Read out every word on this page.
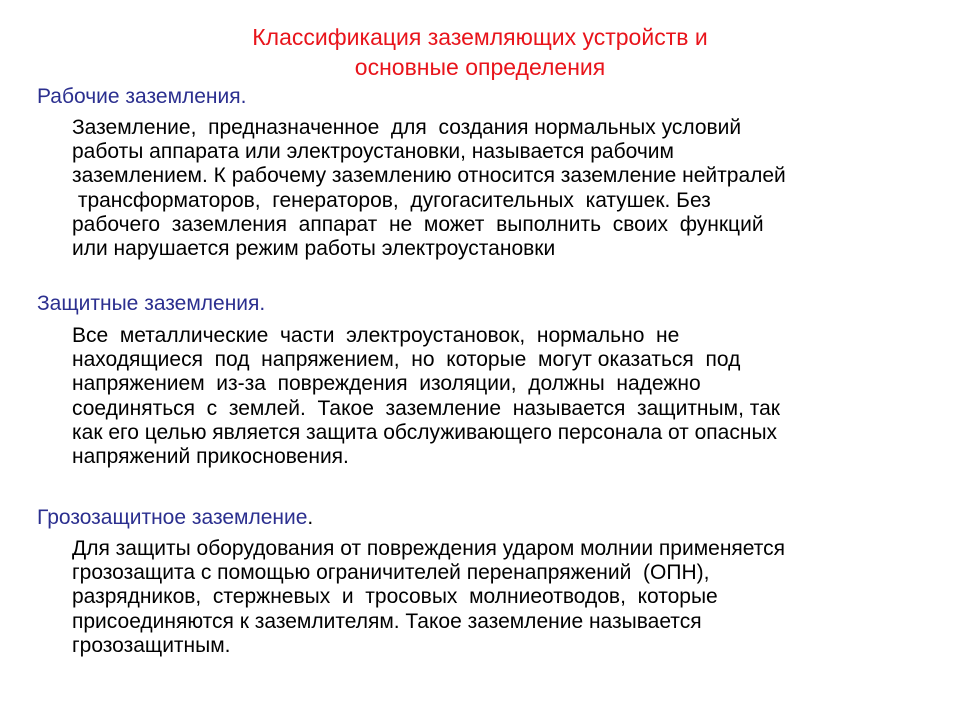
Классификация заземляющих устройств и
основные определения
Рабочие заземления.
Заземление,  предназначенное  для  создания нормальных условий
работы аппарата или электроустановки, называется рабочим
заземлением. К рабочему заземлению относится заземление нейтралей
трансформаторов,  генераторов,  дугогасительных  катушек. Без
рабочего  заземления  аппарат  не  может  выполнить  своих  функций
или нарушается режим работы электроустановки
Защитные заземления.
Все  металлические  части  электроустановок,  нормально  не
находящиеся  под  напряжением,  но  которые  могут оказаться  под
напряжением  из-за  повреждения  изоляции,  должны  надежно
соединяться  с  землей.  Такое  заземление  называется  защитным, так
как его целью является защита обслуживающего персонала от опасных
напряжений прикосновения.
Грозозащитное заземление.
Для защиты оборудования от повреждения ударом молнии применяется
грозозащита с помощью ограничителей перенапряжений  (ОПН),
разрядников,  стержневых  и  тросовых  молниеотводов,  которые
присоединяются к заземлителям. Такое заземление называется
грозозащитным.
